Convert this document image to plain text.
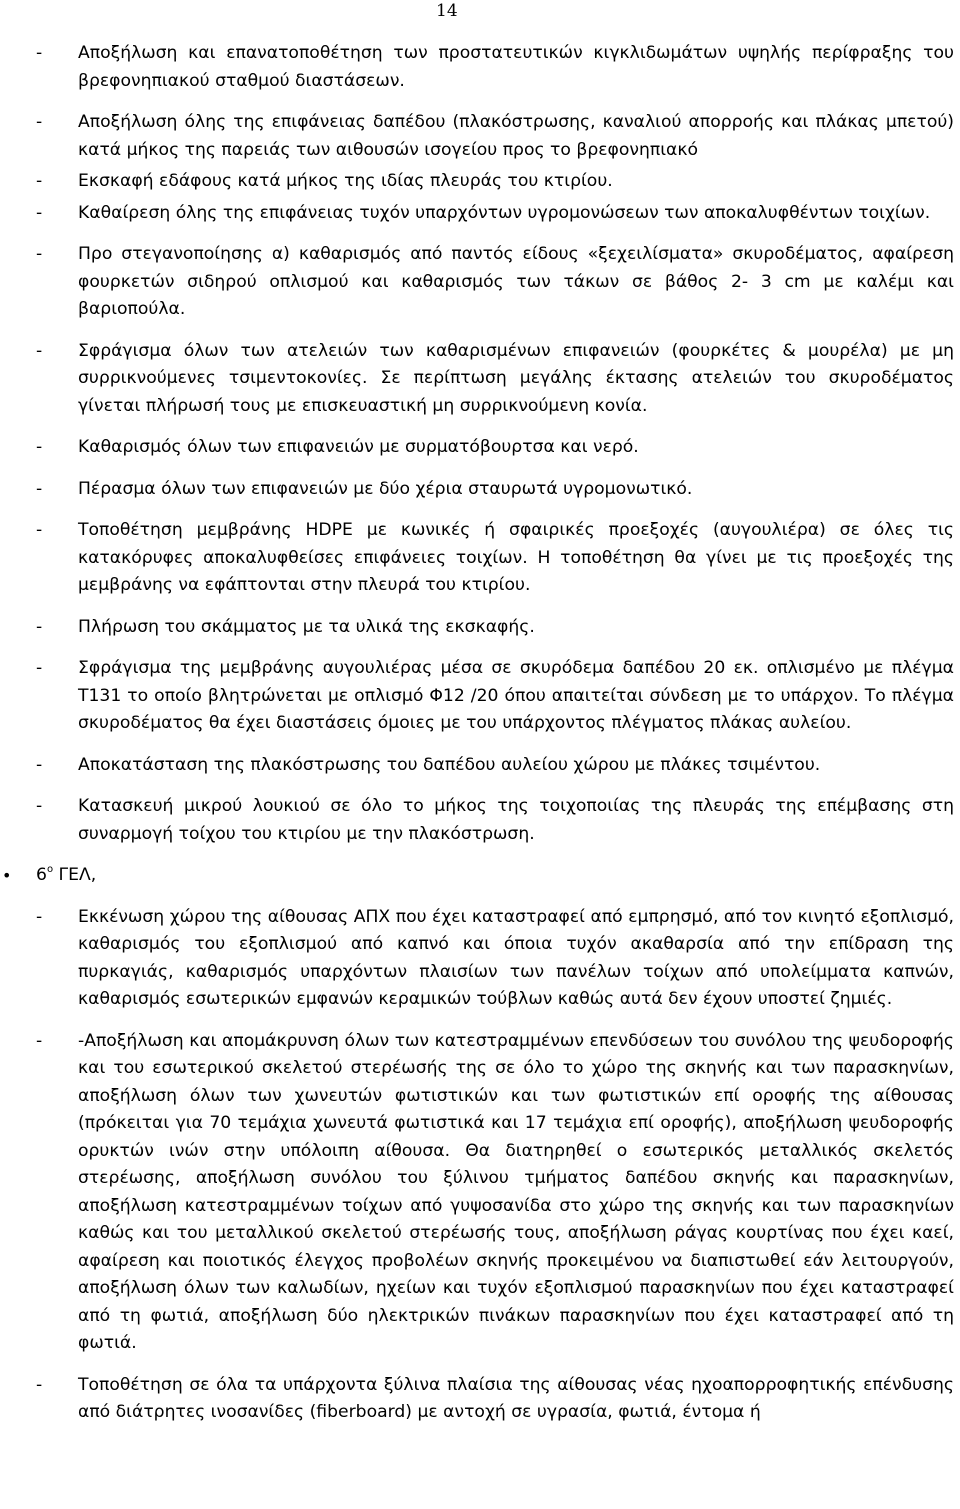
14
- Αποξήλωση και επανατοποθέτηση των προστατευτικών κιγκλιδωμάτων υψηλής περίφραξης του βρεφονηπιακού σταθμού διαστάσεων.
- Αποξήλωση όλης της επιφάνειας δαπέδου (πλακόστρωσης, καναλιού απορροής και πλάκας μπετού) κατά μήκος της παρειάς των αιθουσών ισογείου προς το βρεφονηπιακό
- Εκσκαφή εδάφους κατά μήκος της ιδίας πλευράς του κτιρίου.
- Καθαίρεση όλης της επιφάνειας τυχόν υπαρχόντων υγρομονώσεων των αποκαλυφθέντων τοιχίων.
- Προ στεγανοποίησης α) καθαρισμός από παντός είδους «ξεχειλίσματα» σκυροδέματος, αφαίρεση φουρκετών σιδηρού οπλισμού και καθαρισμός των τάκων σε βάθος 2- 3 cm με καλέμι και βαριοπούλα.
- Σφράγισμα όλων των ατελειών των καθαρισμένων επιφανειών (φουρκέτες & μουρέλα) με μη συρρικνούμενες τσιμεντοκονίες. Σε περίπτωση μεγάλης έκτασης ατελειών του σκυροδέματος γίνεται πλήρωσή τους με επισκευαστική μη συρρικνούμενη κονία.
- Καθαρισμός όλων των επιφανειών με συρματόβουρτσα και νερό.
- Πέρασμα όλων των επιφανειών με δύο χέρια σταυρωτά υγρομονωτικό.
- Τοποθέτηση μεμβράνης HDPE με κωνικές ή σφαιρικές προεξοχές (αυγουλιέρα) σε όλες τις κατακόρυφες αποκαλυφθείσες επιφάνειες τοιχίων. Η τοποθέτηση θα γίνει με τις προεξοχές της μεμβράνης να εφάπτονται στην πλευρά του κτιρίου.
- Πλήρωση του σκάμματος με τα υλικά της εκσκαφής.
- Σφράγισμα της μεμβράνης αυγουλιέρας μέσα σε σκυρόδεμα δαπέδου 20 εκ. οπλισμένο με πλέγμα Τ131 το οποίο βλητρώνεται με οπλισμό Φ12 /20 όπου απαιτείται σύνδεση με το υπάρχον. Το πλέγμα σκυροδέματος θα έχει διαστάσεις όμοιες με του υπάρχοντος πλέγματος πλάκας αυλείου.
- Αποκατάσταση της πλακόστρωσης του δαπέδου αυλείου χώρου με πλάκες τσιμέντου.
- Κατασκευή μικρού λουκιού σε όλο το μήκος της τοιχοποιίας της πλευράς της επέμβασης στη συναρμογή τοίχου του κτιρίου με την πλακόστρωση.
• $6^o$ ΓΕΛ,
- Εκκένωση χώρου της αίθουσας ΑΠΧ που έχει καταστραφεί από εμπρησμό, από τον κινητό εξοπλισμό, καθαρισμός του εξοπλισμού από καπνό και όποια τυχόν ακαθαρσία από την επίδραση της πυρκαγιάς, καθαρισμός υπαρχόντων πλαισίων των πανέλων τοίχων από υπολείμματα καπνών, καθαρισμός εσωτερικών εμφανών κεραμικών τούβλων καθώς αυτά δεν έχουν υποστεί ζημιές.
- -Αποξήλωση και απομάκρυνση όλων των κατεστραμμένων επενδύσεων του συνόλου της ψευδοροφής και του εσωτερικού σκελετού στερέωσής της σε όλο το χώρο της σκηνής και των παρασκηνίων, αποξήλωση όλων των χωνευτών φωτιστικών και των φωτιστικών επί οροφής της αίθουσας (πρόκειται για 70 τεμάχια χωνευτά φωτιστικά και 17 τεμάχια επί οροφής), αποξήλωση ψευδοροφής ορυκτών ινών στην υπόλοιπη αίθουσα. Θα διατηρηθεί ο εσωτερικός μεταλλικός σκελετός στερέωσης, αποξήλωση συνόλου του ξύλινου τμήματος δαπέδου σκηνής και παρασκηνίων, αποξήλωση κατεστραμμένων τοίχων από γυψοσανίδα στο χώρο της σκηνής και των παρασκηνίων καθώς και του μεταλλικού σκελετού στερέωσής τους, αποξήλωση ράγας κουρτίνας που έχει καεί, αφαίρεση και ποιοτικός έλεγχος προβολέων σκηνής προκειμένου να διαπιστωθεί εάν λειτουργούν, αποξήλωση όλων των καλωδίων, ηχείων και τυχόν εξοπλισμού παρασκηνίων που έχει καταστραφεί από τη φωτιά, αποξήλωση δύο ηλεκτρικών πινάκων παρασκηνίων που έχει καταστραφεί από τη φωτιά.
- Τοποθέτηση σε όλα τα υπάρχοντα ξύλινα πλαίσια της αίθουσας νέας ηχοαπορροφητικής επένδυσης από διάτρητες ινοσανίδες (fiberboard) με αντοχή σε υγρασία, φωτιά, έντομα ή
